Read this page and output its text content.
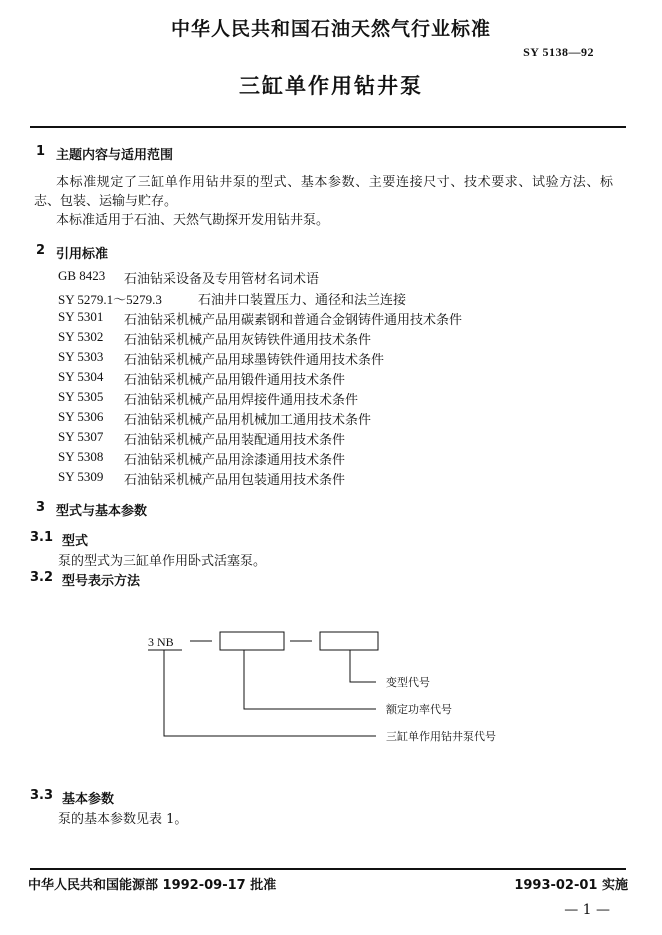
中华人民共和国石油天然气行业标准
SY 5138—92
三缸单作用钻井泵
1 主题内容与适用范围
本标准规定了三缸单作用钻井泵的型式、基本参数、主要连接尺寸、技术要求、试验方法、标
志、包装、运输与贮存。
本标准适用于石油、天然气勘探开发用钻井泵。
2 引用标准
GB 8423 石油钻采设备及专用管材名词术语
SY 5279.1～5279.3	石油井口装置压力、通径和法兰连接
SY 5301 石油钻采机械产品用碳素钢和普通合金钢铸件通用技术条件
SY 5302 石油钻采机械产品用灰铸铁件通用技术条件
SY 5303 石油钻采机械产品用球墨铸铁件通用技术条件
SY 5304 石油钻采机械产品用锻件通用技术条件
SY 5305 石油钻采机械产品用焊接件通用技术条件
SY 5306 石油钻采机械产品用机械加工通用技术条件
SY 5307 石油钻采机械产品用装配通用技术条件
SY 5308 石油钻采机械产品用涂漆通用技术条件
SY 5309 石油钻采机械产品用包装通用技术条件
3 型式与基本参数
3.1 型式
泵的型式为三缸单作用卧式活塞泵。
3.2 型号表示方法
3 NB
变型代号
额定功率代号
三缸单作用钻井泵代号
3.3 基本参数
泵的基本参数见表 1。
中华人民共和国能源部 1992-09-17 批准	1993-02-01 实施
— 1 —
